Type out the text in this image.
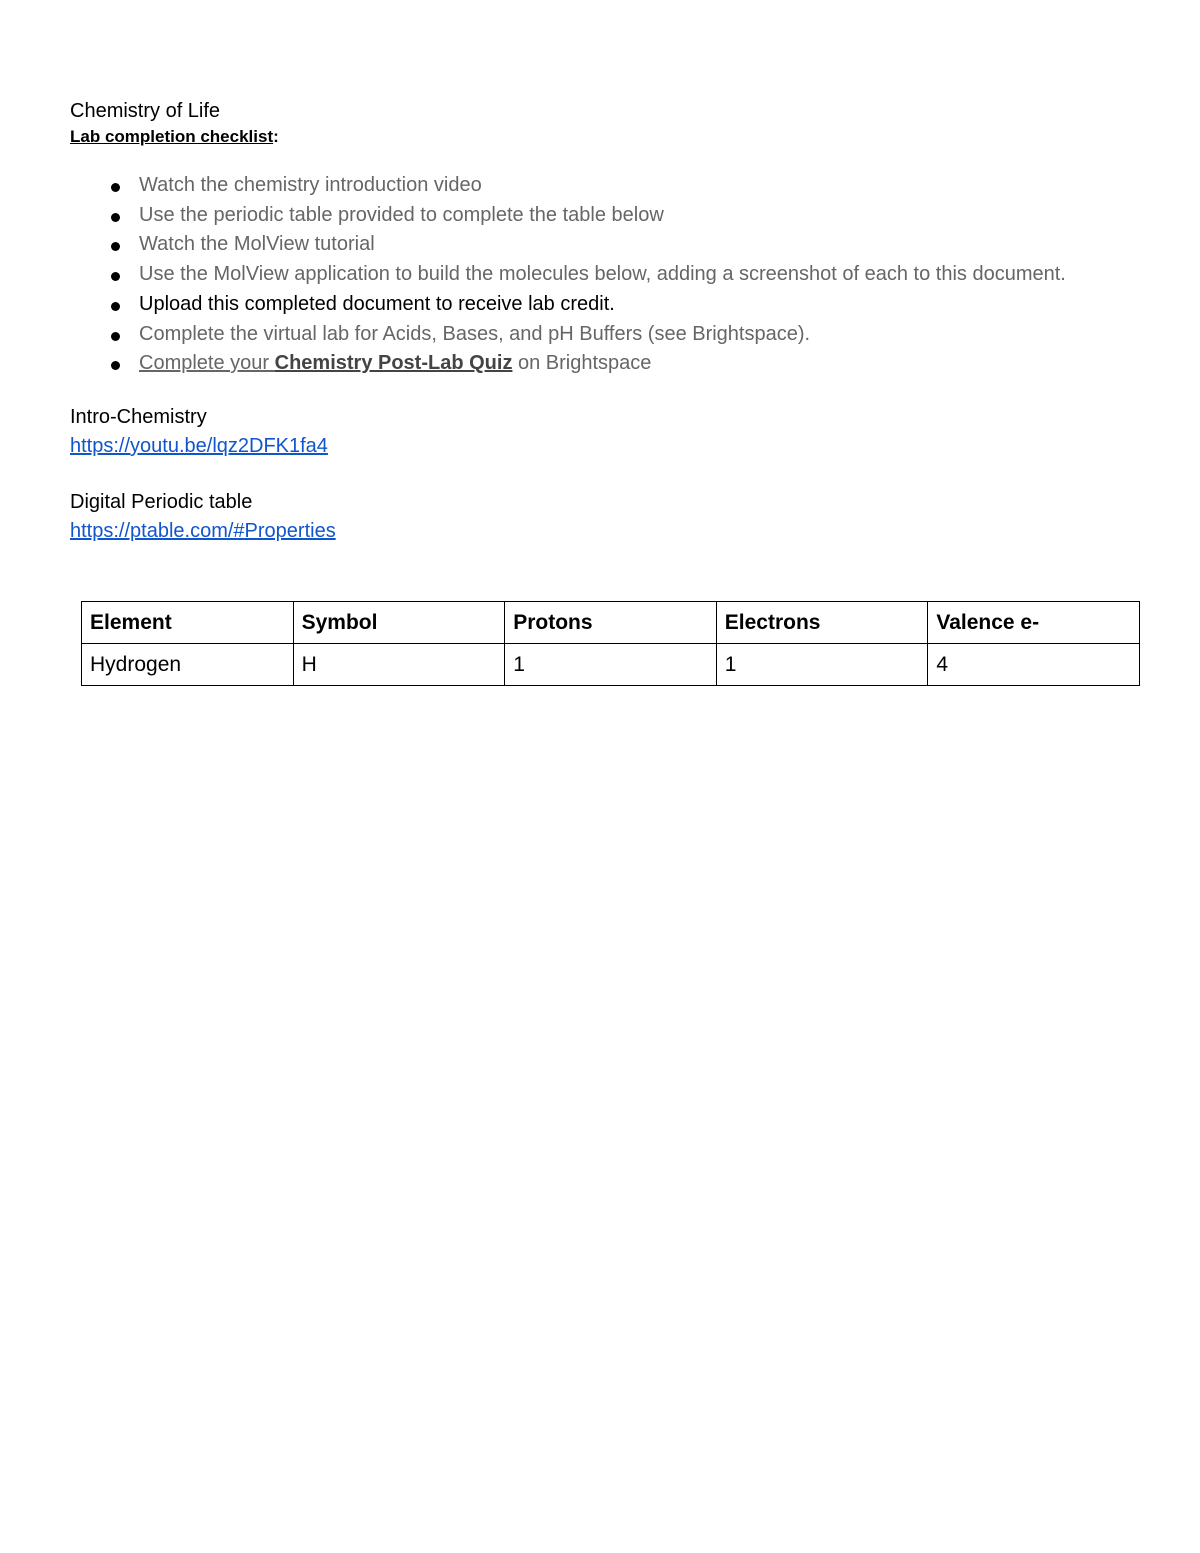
Chemistry of Life

Lab completion checklist:

Watch the chemistry introduction video
Use the periodic table provided to complete the table below
Watch the MolView tutorial
Use the MolView application to build the molecules below, adding a screenshot of each to this document.
Upload this completed document to receive lab credit.
Complete the virtual lab for Acids, Bases, and pH Buffers (see Brightspace).
Complete your Chemistry Post-Lab Quiz on Brightspace

Intro-Chemistry

https://youtu.be/lqz2DFK1fa4

Digital Periodic table

https://ptable.com/#Properties
Element	Symbol	Protons	Electrons	Valence e-
Hydrogen	H	1	1	4
